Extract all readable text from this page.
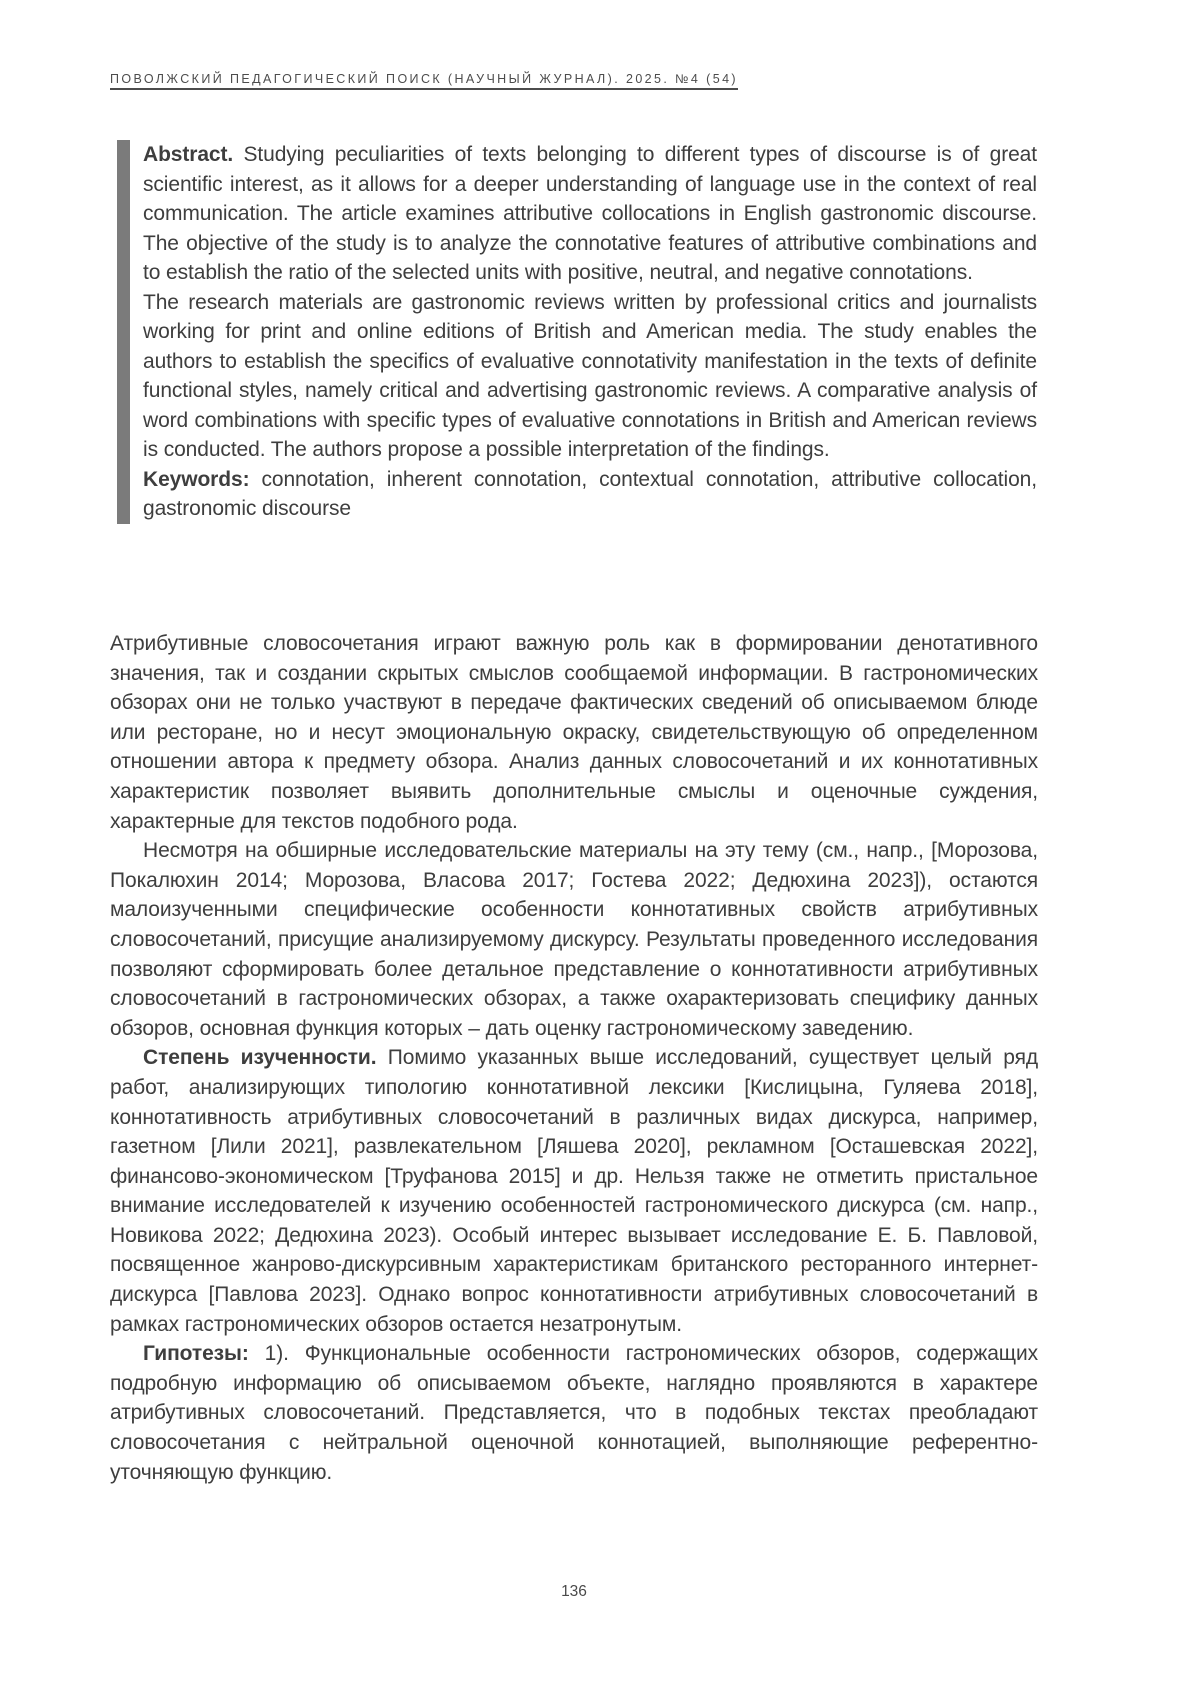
ПОВОЛЖСКИЙ ПЕДАГОГИЧЕСКИЙ ПОИСК (НАУЧНЫЙ ЖУРНАЛ). 2025. №4 (54)

Abstract. Studying peculiarities of texts belonging to different types of discourse is of great scientific interest, as it allows for a deeper understanding of language use in the context of real communication. The article examines attributive collocations in English gastronomic discourse. The objective of the study is to analyze the connotative features of attributive combinations and to establish the ratio of the selected units with positive, neutral, and negative connotations.

The research materials are gastronomic reviews written by professional critics and journalists working for print and online editions of British and American media. The study enables the authors to establish the specifics of evaluative connotativity manifestation in the texts of definite functional styles, namely critical and advertising gastronomic reviews. A comparative analysis of word combinations with specific types of evaluative connotations in British and American reviews is conducted. The authors propose a possible interpretation of the findings.

Keywords: connotation, inherent connotation, contextual connotation, attributive collocation, gastronomic discourse

Атрибутивные словосочетания играют важную роль как в формировании денотативного значения, так и создании скрытых смыслов сообщаемой информации. В гастрономических обзорах они не только участвуют в передаче фактических сведений об описываемом блюде или ресторане, но и несут эмоциональную окраску, свидетельствующую об определенном отношении автора к предмету обзора. Анализ данных словосочетаний и их коннотативных характеристик позволяет выявить дополнительные смыслы и оценочные суждения, характерные для текстов подобного рода.

Несмотря на обширные исследовательские материалы на эту тему (см., напр., [Морозова, Покалюхин 2014; Морозова, Власова 2017; Гостева 2022; Дедюхина 2023]), остаются малоизученными специфические особенности коннотативных свойств атрибутивных словосочетаний, присущие анализируемому дискурсу. Результаты проведенного исследования позволяют сформировать более детальное представление о коннотативности атрибутивных словосочетаний в гастрономических обзорах, а также охарактеризовать специфику данных обзоров, основная функция которых – дать оценку гастрономическому заведению.

Степень изученности. Помимо указанных выше исследований, существует целый ряд работ, анализирующих типологию коннотативной лексики [Кислицына, Гуляева 2018], коннотативность атрибутивных словосочетаний в различных видах дискурса, например, газетном [Лили 2021], развлекательном [Ляшева 2020], рекламном [Осташевская 2022], финансово-экономическом [Труфанова 2015] и др. Нельзя также не отметить пристальное внимание исследователей к изучению особенностей гастрономического дискурса (см. напр., Новикова 2022; Дедюхина 2023). Особый интерес вызывает исследование Е. Б. Павловой, посвященное жанрово-дискурсивным характеристикам британского ресторанного интернет-дискурса [Павлова 2023]. Однако вопрос коннотативности атрибутивных словосочетаний в рамках гастрономических обзоров остается незатронутым.

Гипотезы: 1). Функциональные особенности гастрономических обзоров, содержащих подробную информацию об описываемом объекте, наглядно проявляются в характере атрибутивных словосочетаний. Представляется, что в подобных текстах преобладают словосочетания с нейтральной оценочной коннотацией, выполняющие референтно-уточняющую функцию.

136
